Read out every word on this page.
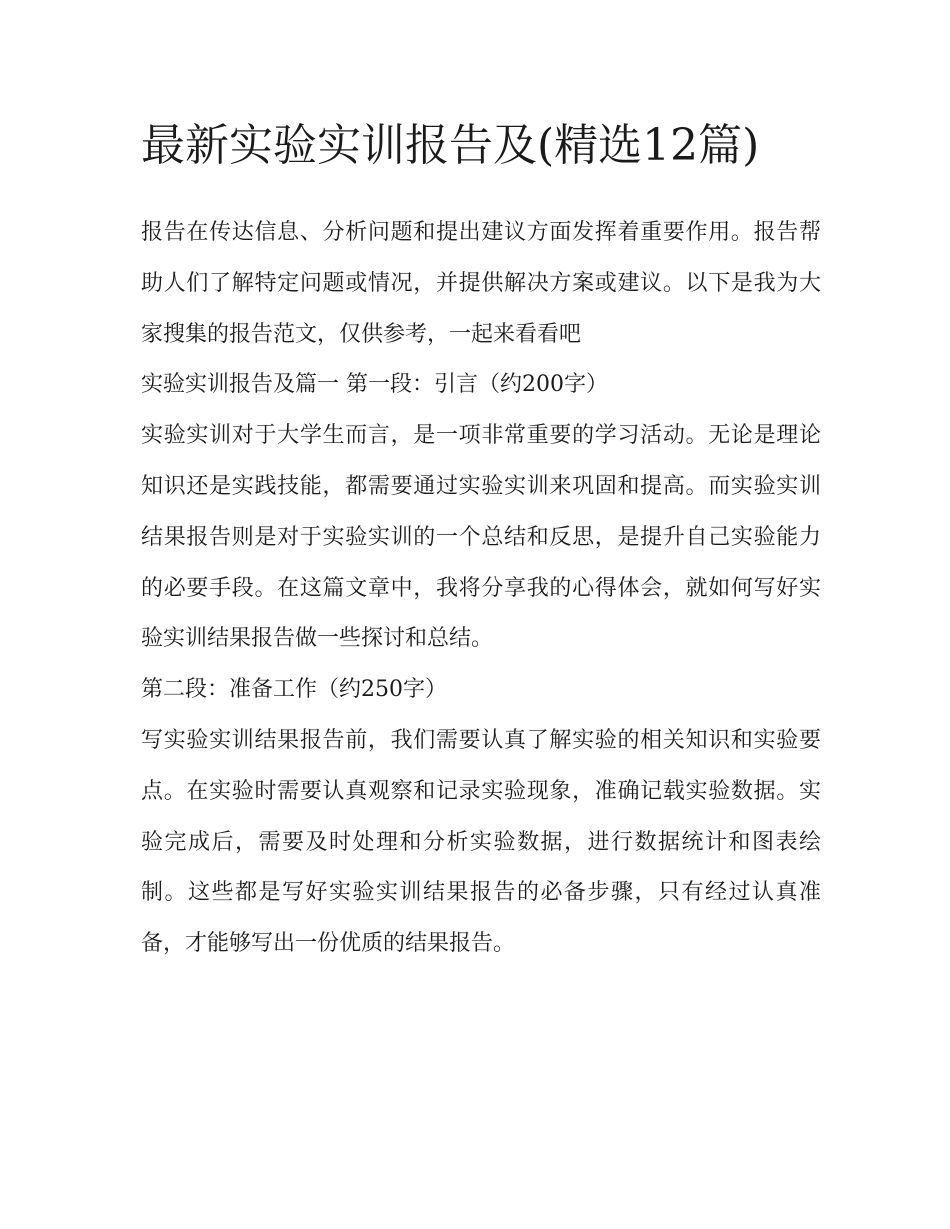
最新实验实训报告及(精选12篇)

报告在传达信息、分析问题和提出建议方面发挥着重要作用。报告帮助人们了解特定问题或情况，并提供解决方案或建议。以下是我为大家搜集的报告范文，仅供参考，一起来看看吧

实验实训报告及篇一 第一段：引言（约200字）

实验实训对于大学生而言，是一项非常重要的学习活动。无论是理论知识还是实践技能，都需要通过实验实训来巩固和提高。而实验实训结果报告则是对于实验实训的一个总结和反思，是提升自己实验能力的必要手段。在这篇文章中，我将分享我的心得体会，就如何写好实验实训结果报告做一些探讨和总结。

第二段：准备工作（约250字）

写实验实训结果报告前，我们需要认真了解实验的相关知识和实验要点。在实验时需要认真观察和记录实验现象，准确记载实验数据。实验完成后，需要及时处理和分析实验数据，进行数据统计和图表绘制。这些都是写好实验实训结果报告的必备步骤，只有经过认真准备，才能够写出一份优质的结果报告。
